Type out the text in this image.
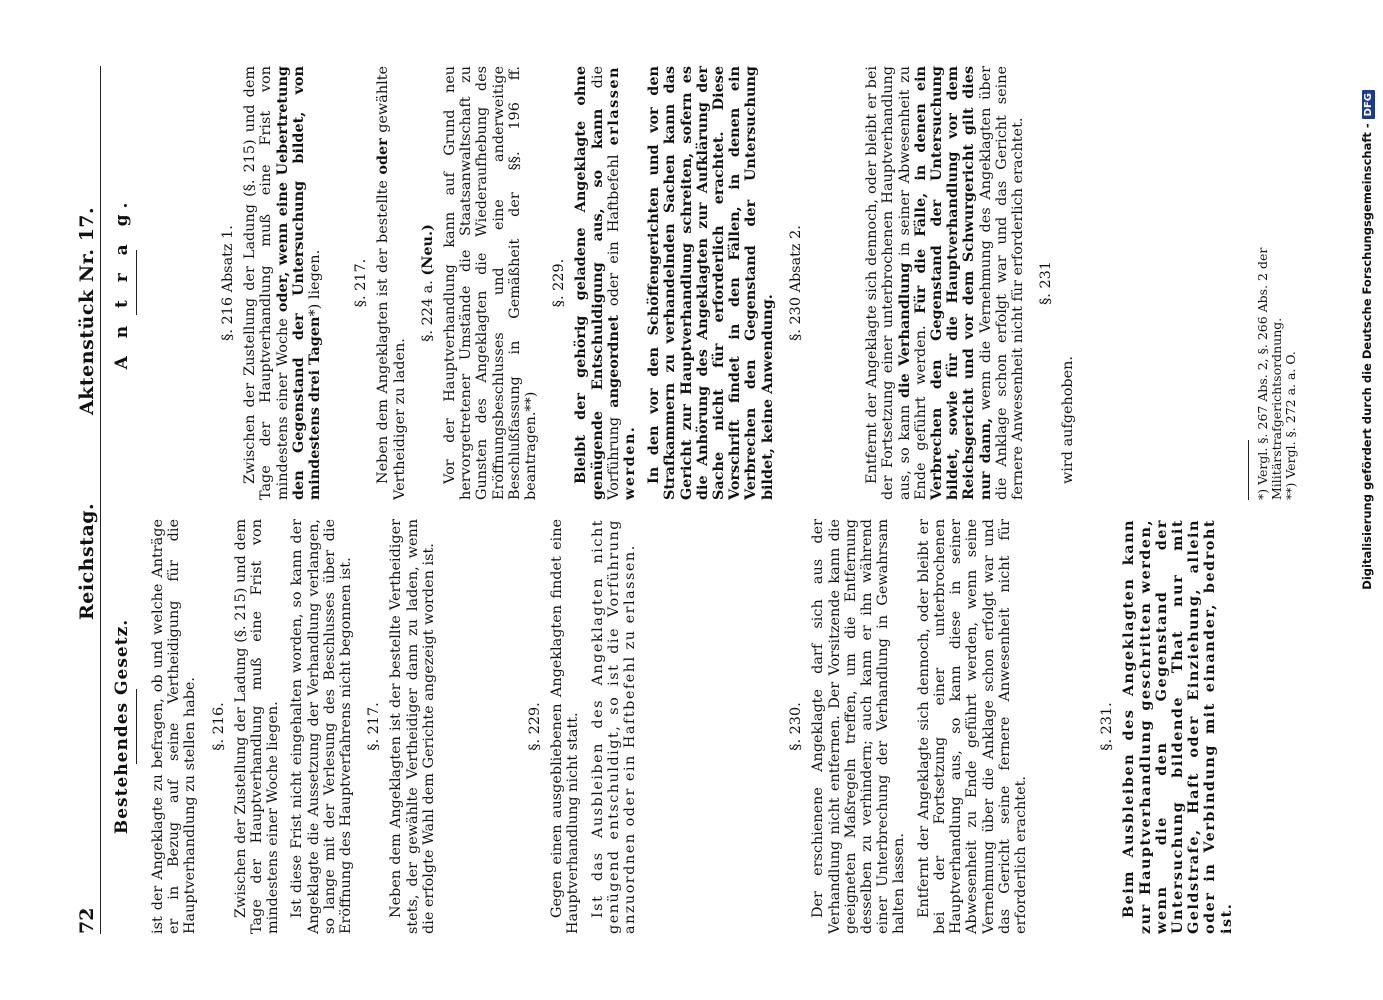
72
Reichstag.
Aktenstück Nr. 17.
Bestehendes Gesetz. ist der Angeklagte zu befragen, ob und welche Anträge er in Bezug auf seine Vertheidigung für die Hauptverhandlung zu stellen habe. §. 216. Zwischen der Zustellung der Ladung (§. 215) und dem Tage der Hauptverhandlung muß eine Frist von mindestens einer Woche liegen. Ist diese Frist nicht eingehalten worden, so kann der Angeklagte die Aussetzung der Verhandlung verlangen, so lange mit der Verlesung des Beschlusses über die Eröffnung des Hauptverfahrens nicht begonnen ist. §. 217. Neben dem Angeklagten ist der bestellte Vertheidiger stets, der gewählte Vertheidiger dann zu laden, wenn die erfolgte Wahl dem Gerichte angezeigt worden ist.	§. 229. Gegen einen ausgebliebenen Angeklagten findet eine Hauptverhandlung nicht statt. Ist das Ausbleiben des Angeklagten nicht genügend entschuldigt, so ist die Vorführung anzuordnen oder ein Haftbefehl zu erlassen.	§. 230. Der erschienene Angeklagte darf sich aus der Verhandlung nicht entfernen. Der Vorsitzende kann die geeigneten Maßregeln treffen, um die Entfernung desselben zu verhindern; auch kann er ihn während einer Unterbrechung der Verhandlung in Gewahrsam halten lassen. Entfernt der Angeklagte sich dennoch, oder bleibt er bei der Fortsetzung einer unterbrochenen Hauptverhandlung aus, so kann diese in seiner Abwesenheit zu Ende geführt werden, wenn seine Vernehmung über die Anklage schon erfolgt war und das Gericht seine fernere Anwesenheit nicht für erforderlich erachtet.

§. 231. Beim Ausbleiben des Angeklagten kann zur Hauptverhandlung geschritten werden, wenn die den Gegenstand der Untersuchung bildende That nur mit Geldstrafe, Haft oder Einziehung, allein oder in Verbindung mit einander, bedroht ist.

A n t r a g.	§. 216 Absatz 1. Zwischen der Zustellung der Ladung (§. 215) und dem Tage der Hauptverhandlung muß eine Frist von mindestens einer Woche oder, wenn eine Uebertretung den Gegenstand der Untersuchung bildet, von mindestens drei Tagen*) liegen. §. 217. Neben dem Angeklagten ist der bestellte oder gewählte Vertheidiger zu laden.

§. 224 a. (Neu.) Vor der Hauptverhandlung kann auf Grund neu hervorgetretener Umstände die Staatsanwaltschaft zu Gunsten des Angeklagten die Wiederaufhebung des Eröffnungsbeschlusses und eine anderweitige Beschlußfassung in Gemäßheit der §§. 196 ff. beantragen.**)

§. 229. Bleibt der gehörig geladene Angeklagte ohne genügende Entschuldigung aus, so kann die Vorführung angeordnet oder ein Haftbefehl erlassen werden. In den vor den Schöffengerichten und vor den Strafkammern zu verhandelnden Sachen kann das Gericht zur Hauptverhandlung schreiten, sofern es die Anhörung des Angeklagten zur Aufklärung der Sache nicht für erforderlich erachtet. Diese Vorschrift findet in den Fällen, in denen ein Verbrechen den Gegenstand der Untersuchung bildet, keine Anwendung.

§. 230 Absatz 2.	Entfernt der Angeklagte sich dennoch, oder bleibt er bei der Fortsetzung einer unterbrochenen Hauptverhandlung aus, so kann die Verhandlung in seiner Abwesenheit zu Ende geführt werden. Für die Fälle, in denen ein Verbrechen den Gegenstand der Untersuchung bildet, sowie für die Hauptverhandlung vor dem Reichsgericht und vor dem Schwurgericht gilt dies nur dann, wenn die Vernehmung des Angeklagten über die Anklage schon erfolgt war und das Gericht seine fernere Anwesenheit nicht für erforderlich erachtet. §. 231

wird aufgehoben.	*) Vergl. §. 267 Abs. 2, §. 266 Abs. 2 der Militärstrafgerichtsordnung. **) Vergl. §. 272 a. a. O.	Digitalisierung gefördert durch die Deutsche Forschungsgemeinschaft - DFG
